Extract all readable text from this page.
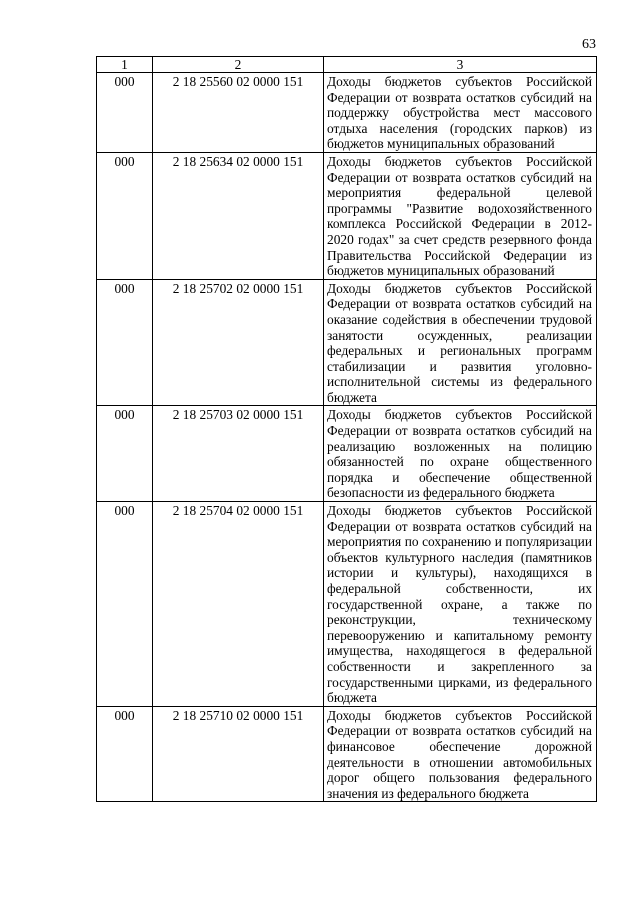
63
1	2	3
000	2 18 25560 02 0000 151	Доходы бюджетов субъектов Российской Федерации от возврата остатков субсидий на поддержку обустройства мест массового отдыха населения (городских парков) из бюджетов муниципальных образований
000	2 18 25634 02 0000 151	Доходы бюджетов субъектов Российской Федерации от возврата остатков субсидий на мероприятия федеральной целевой программы "Развитие водохозяйственного комплекса Российской Федерации в 2012-2020 годах" за счет средств резервного фонда Правительства Российской Федерации из бюджетов муниципальных образований
000	2 18 25702 02 0000 151	Доходы бюджетов субъектов Российской Федерации от возврата остатков субсидий на оказание содействия в обеспечении трудовой занятости осужденных, реализации федеральных и региональных программ стабилизации и развития уголовно-исполнительной системы из федерального бюджета
000	2 18 25703 02 0000 151	Доходы бюджетов субъектов Российской Федерации от возврата остатков субсидий на реализацию возложенных на полицию обязанностей по охране общественного порядка и обеспечение общественной безопасности из федерального бюджета
000	2 18 25704 02 0000 151	Доходы бюджетов субъектов Российской Федерации от возврата остатков субсидий на мероприятия по сохранению и популяризации объектов культурного наследия (памятников истории и культуры), находящихся в федеральной собственности, их государственной охране, а также по реконструкции, техническому перевооружению и капитальному ремонту имущества, находящегося в федеральной собственности и закрепленного за государственными цирками, из федерального бюджета
000	2 18 25710 02 0000 151	Доходы бюджетов субъектов Российской Федерации от возврата остатков субсидий на финансовое обеспечение дорожной деятельности в отношении автомобильных дорог общего пользования федерального значения из федерального бюджета
